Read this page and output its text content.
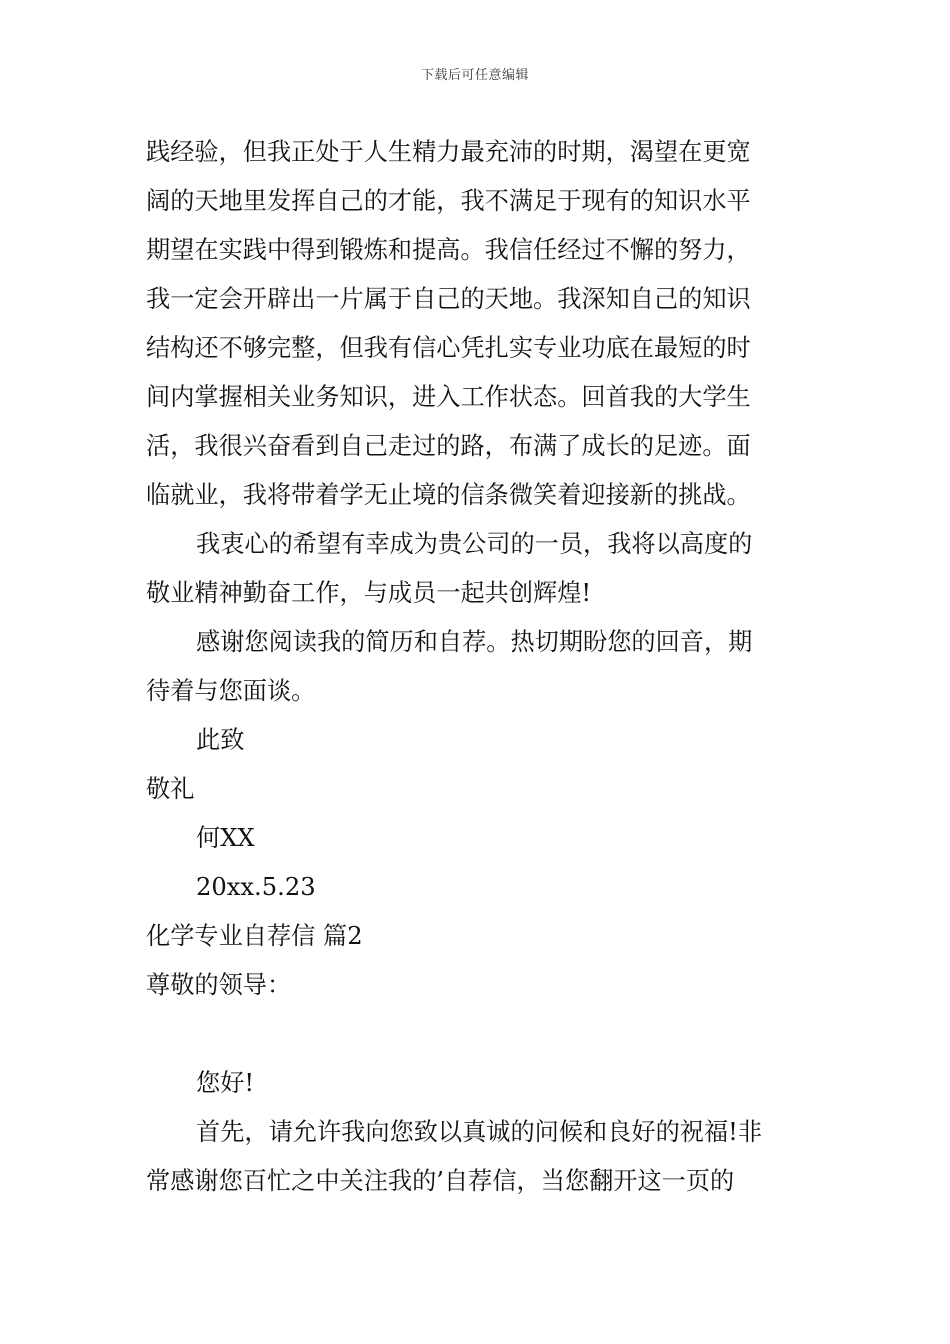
下载后可任意编辑
践经验，但我正处于人生精力最充沛的时期，渴望在更宽
阔的天地里发挥自己的才能，我不满足于现有的知识水平
期望在实践中得到锻炼和提高。我信任经过不懈的努力，
我一定会开辟出一片属于自己的天地。我深知自己的知识
结构还不够完整，但我有信心凭扎实专业功底在最短的时
间内掌握相关业务知识，进入工作状态。回首我的大学生
活，我很兴奋看到自己走过的路，布满了成长的足迹。面
临就业，我将带着学无止境的信条微笑着迎接新的挑战。
我衷心的希望有幸成为贵公司的一员，我将以高度的
敬业精神勤奋工作，与成员一起共创辉煌!
感谢您阅读我的简历和自荐。热切期盼您的回音，期
待着与您面谈。
此致
敬礼
何XX
20xx.5.23
化学专业自荐信 篇2
尊敬的领导：
您好!
首先，请允许我向您致以真诚的问候和良好的祝福!非
常感谢您百忙之中关注我的’自荐信，当您翻开这一页的
